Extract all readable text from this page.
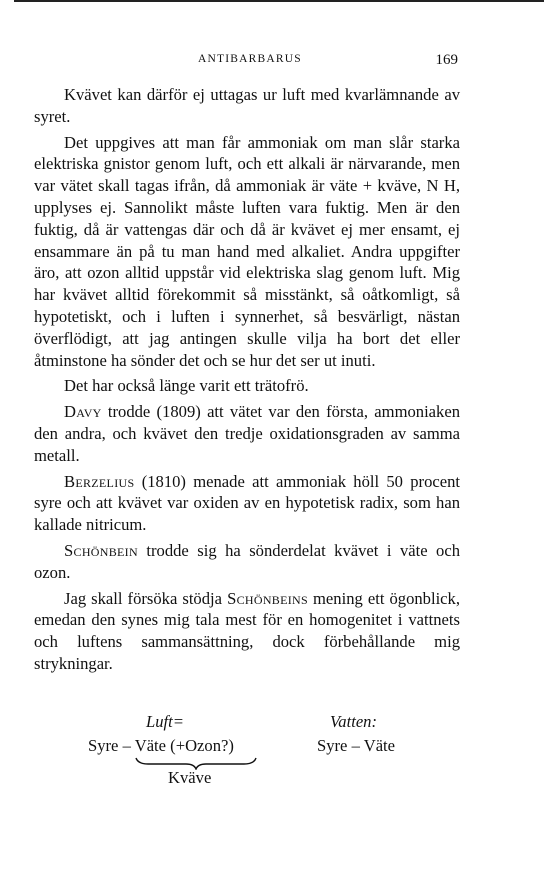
ANTIBARBARUS	169

Kvävet kan därför ej uttagas ur luft med kvarlämnande av syret.

Det uppgives att man får ammoniak om man slår starka elektriska gnistor genom luft, och ett alkali är närvarande, men var vätet skall tagas ifrån, då ammoniak är väte + kväve, N H, upplyses ej. Sannolikt måste luften vara fuktig. Men är den fuktig, då är vattengas där och då är kvävet ej mer ensamt, ej ensammare än på tu man hand med alkaliet. Andra uppgifter äro, att ozon alltid uppstår vid elektriska slag genom luft. Mig har kvävet alltid förekommit så misstänkt, så oåtkomligt, så hypotetiskt, och i luften i synnerhet, så besvärligt, nästan överflödigt, att jag antingen skulle vilja ha bort det eller åtminstone ha sönder det och se hur det ser ut inuti.

Det har också länge varit ett trätofrö.

Davy trodde (1809) att vätet var den första, ammoniaken den andra, och kvävet den tredje oxidationsgraden av samma metall.

Berzelius (1810) menade att ammoniak höll 50 procent syre och att kvävet var oxiden av en hypotetisk radix, som han kallade nitricum.

Schönbein trodde sig ha sönderdelat kvävet i väte och ozon.

Jag skall försöka stödja Schönbeins mening ett ögonblick, emedan den synes mig tala mest för en homogenitet i vattnets och luftens sammansättning, dock förbehållande mig strykningar.

Luft=	Vatten:
Syre – Väte (+Ozon?)	Syre – Väte
Kväve
